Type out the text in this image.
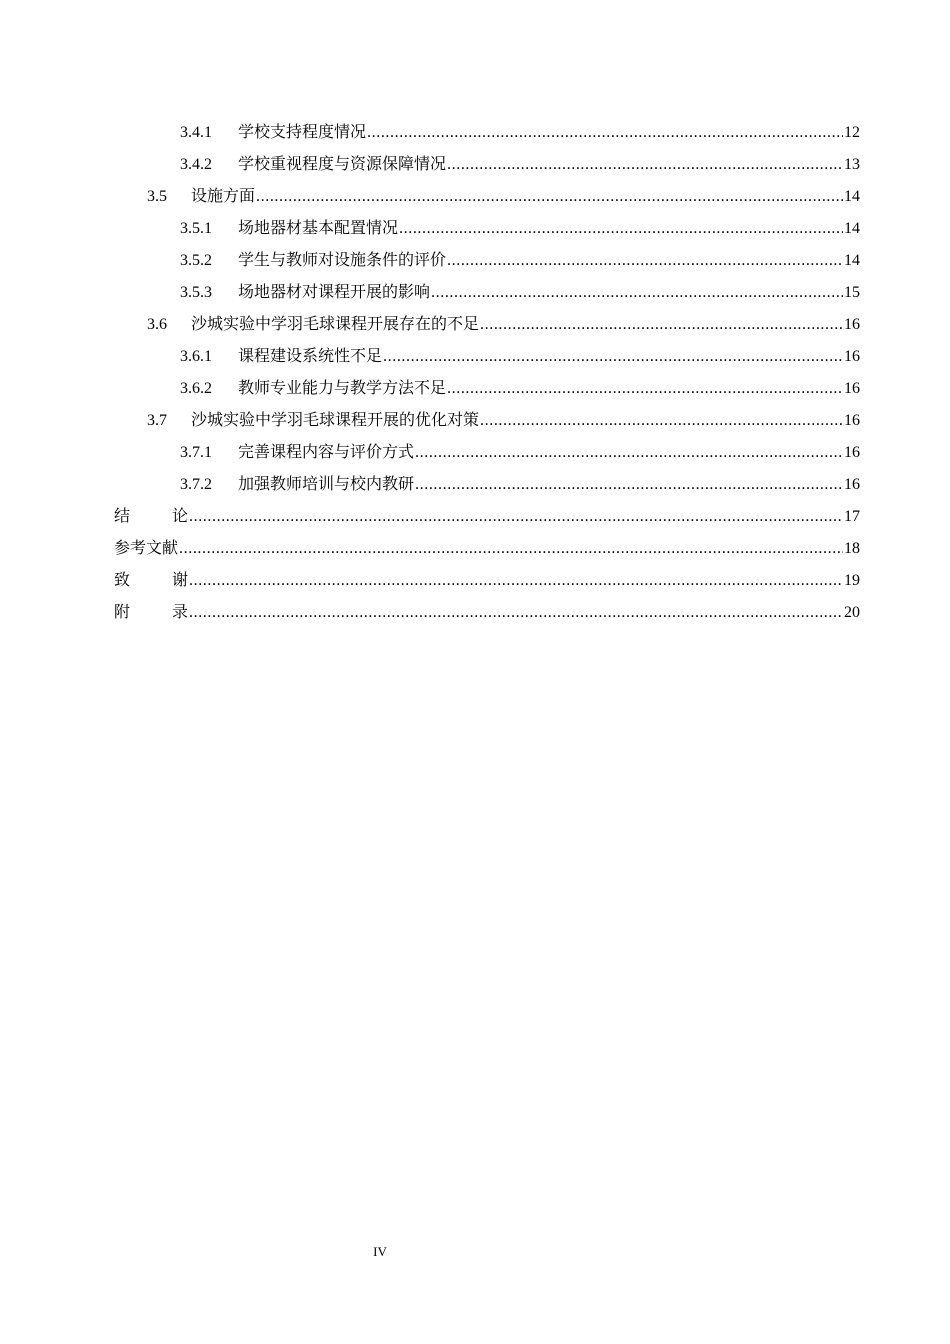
3.4.1	学校支持程度情况 .....	12
3.4.2	学校重视程度与资源保障情况 .....	13
3.5	设施方面 .....	14
3.5.1	场地器材基本配置情况 .....	14
3.5.2	学生与教师对设施条件的评价 .....	14
3.5.3	场地器材对课程开展的影响 .....	15
3.6	沙城实验中学羽毛球课程开展存在的不足 .....	16
3.6.1	课程建设系统性不足 .....	16
3.6.2	教师专业能力与教学方法不足 .....	16
3.7	沙城实验中学羽毛球课程开展的优化对策 .....	16
3.7.1	完善课程内容与评价方式 .....	16
3.7.2	加强教师培训与校内教研 .....	16
结	论 .....	17
参考文献 .....	18
致	谢 .....	19
附	录 .....	20
IV
